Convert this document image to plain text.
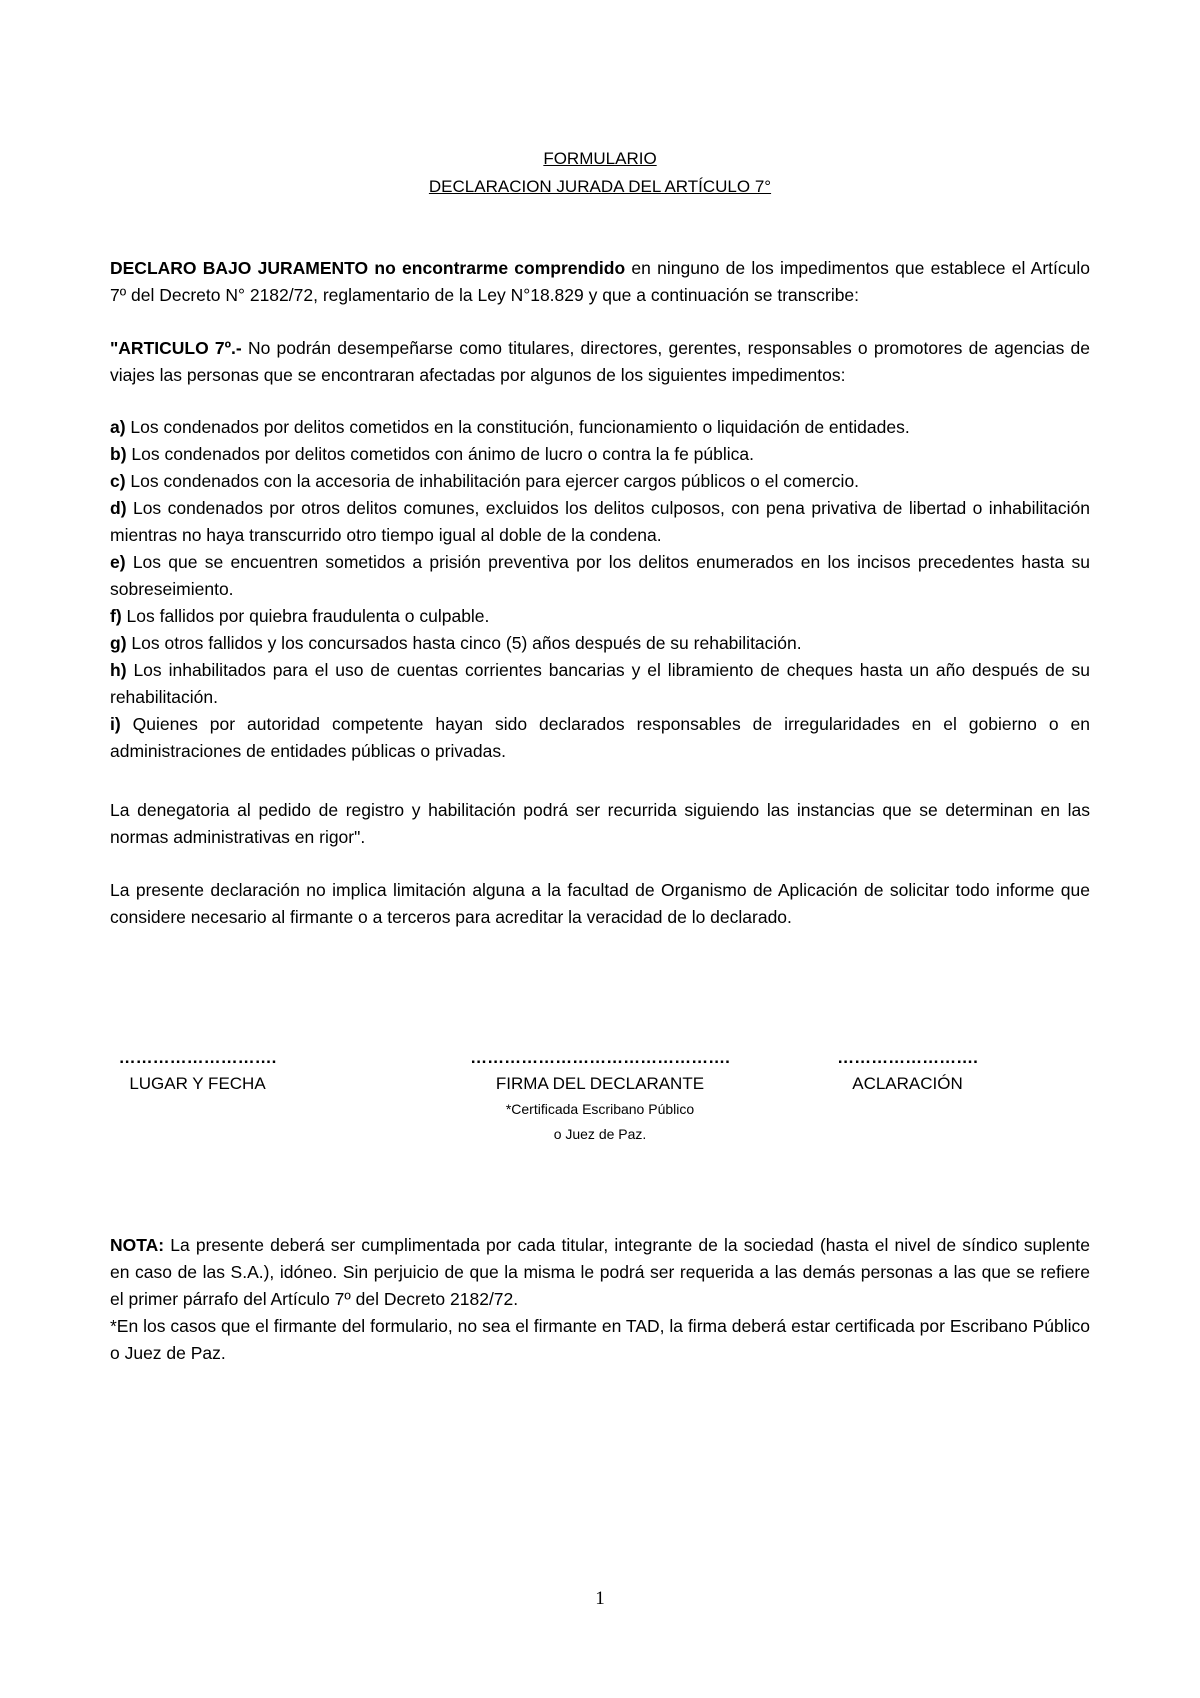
FORMULARIO
DECLARACION JURADA DEL ARTÍCULO 7°
DECLARO BAJO JURAMENTO no encontrarme comprendido en ninguno de los impedimentos que establece el Artículo 7º del Decreto N° 2182/72, reglamentario de la Ley N°18.829 y que a continuación se transcribe:
"ARTICULO 7º.- No podrán desempeñarse como titulares, directores, gerentes, responsables o promotores de agencias de viajes las personas que se encontraran afectadas por algunos de los siguientes impedimentos:
a) Los condenados por delitos cometidos en la constitución, funcionamiento o liquidación de entidades.
b) Los condenados por delitos cometidos con ánimo de lucro o contra la fe pública.
c) Los condenados con la accesoria de inhabilitación para ejercer cargos públicos o el comercio.
d) Los condenados por otros delitos comunes, excluidos los delitos culposos, con pena privativa de libertad o inhabilitación mientras no haya transcurrido otro tiempo igual al doble de la condena.
e) Los que se encuentren sometidos a prisión preventiva por los delitos enumerados en los incisos precedentes hasta su sobreseimiento.
f) Los fallidos por quiebra fraudulenta o culpable.
g) Los otros fallidos y los concursados hasta cinco (5) años después de su rehabilitación.
h) Los inhabilitados para el uso de cuentas corrientes bancarias y el libramiento de cheques hasta un año después de su rehabilitación.
i) Quienes por autoridad competente hayan sido declarados responsables de irregularidades en el gobierno o en administraciones de entidades públicas o privadas.
La denegatoria al pedido de registro y habilitación podrá ser recurrida siguiendo las instancias que se determinan en las normas administrativas en rigor".
La presente declaración no implica limitación alguna a la facultad de Organismo de Aplicación de solicitar todo informe que considere necesario al firmante o a terceros para acreditar la veracidad de lo declarado.
……………………….
LUGAR Y FECHA
……………………………………….
FIRMA DEL DECLARANTE
*Certificada Escribano Público
o Juez de Paz.
…………………….
ACLARACIÓN
NOTA: La presente deberá ser cumplimentada por cada titular, integrante de la sociedad (hasta el nivel de síndico suplente en caso de las S.A.), idóneo. Sin perjuicio de que la misma le podrá ser requerida a las demás personas a las que se refiere el primer párrafo del Artículo 7º del Decreto 2182/72.
*En los casos que el firmante del formulario, no sea el firmante en TAD, la firma deberá estar certificada por Escribano Público o Juez de Paz.
1
